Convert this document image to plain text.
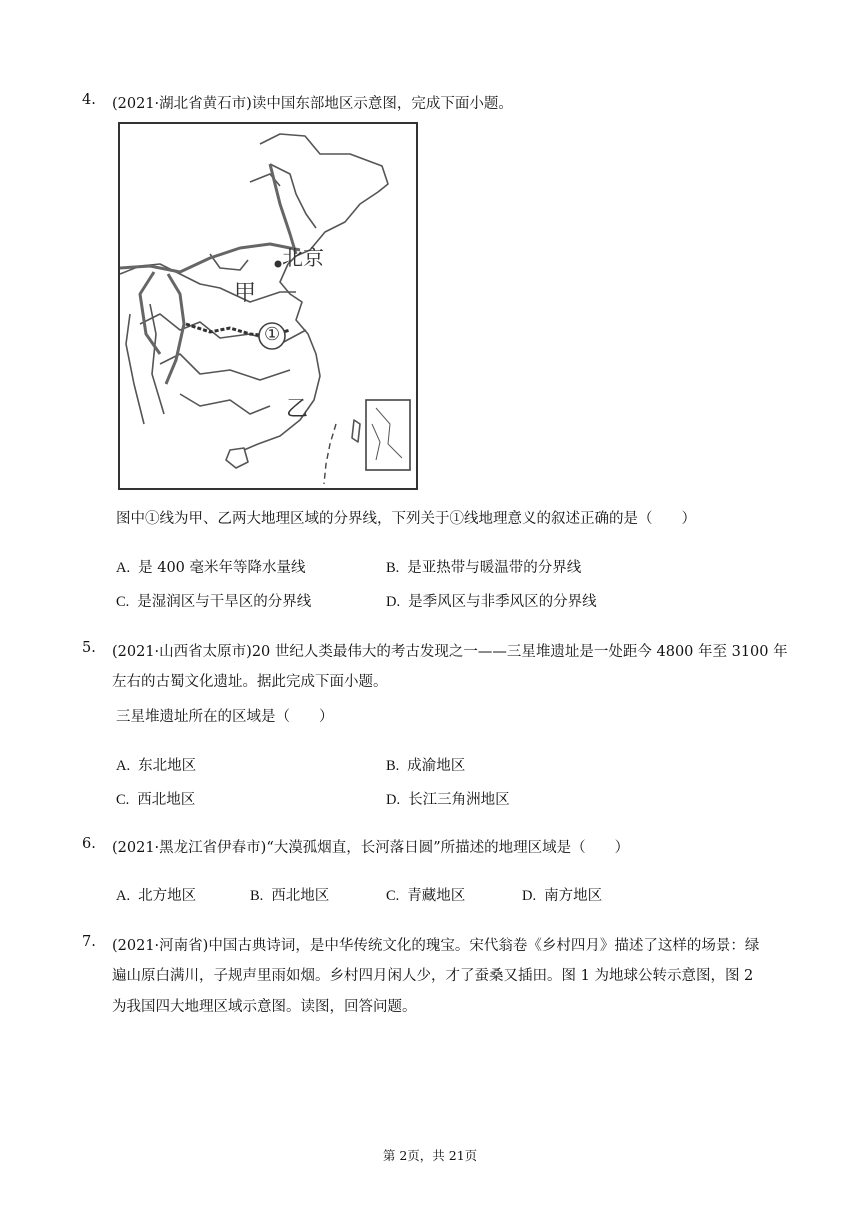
4. (2021·湖北省黄石市)读中国东部地区示意图，完成下面小题。
北京
甲
①
乙
图中①线为甲、乙两大地理区域的分界线，下列关于①线地理意义的叙述正确的是（　　）
A. 是 400 毫米年等降水量线	B. 是亚热带与暖温带的分界线
C. 是湿润区与干旱区的分界线	D. 是季风区与非季风区的分界线
5. (2021·山西省太原市)20 世纪人类最伟大的考古发现之一——三星堆遗址是一处距今 4800 年至 3100 年
左右的古蜀文化遗址。据此完成下面小题。
三星堆遗址所在的区域是（　　）
A. 东北地区	B. 成渝地区
C. 西北地区	D. 长江三角洲地区
6. (2021·黑龙江省伊春市)“大漠孤烟直，长河落日圆”所描述的地理区域是（　　）
A. 北方地区	B. 西北地区	C. 青藏地区	D. 南方地区
7. (2021·河南省)中国古典诗词，是中华传统文化的瑰宝。宋代翁卷《乡村四月》描述了这样的场景：绿
遍山原白满川，子规声里雨如烟。乡村四月闲人少，才了蚕桑又插田。图 1 为地球公转示意图，图 2
为我国四大地理区域示意图。读图，回答问题。
第 2页，共 21页
